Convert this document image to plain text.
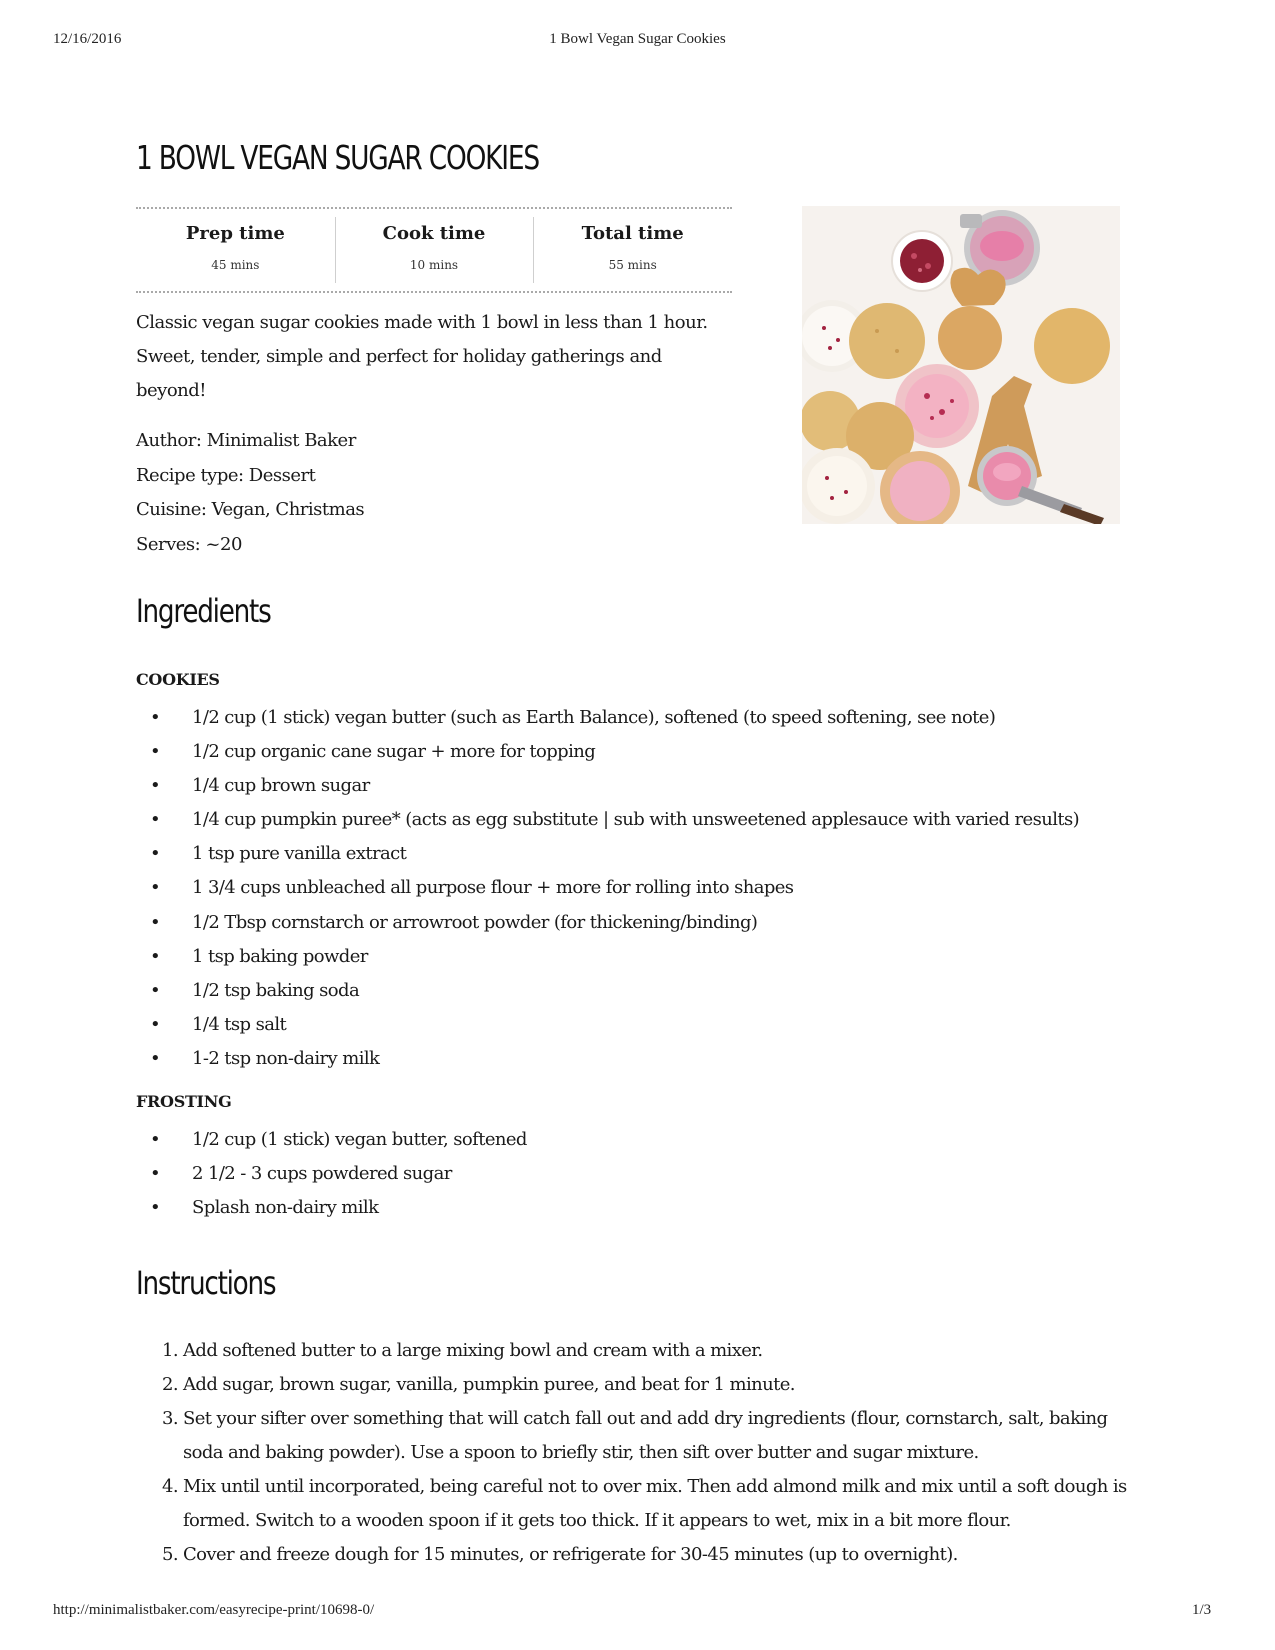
12/16/2016	1 Bowl Vegan Sugar Cookies
1 BOWL VEGAN SUGAR COOKIES
Prep time
45 mins
Cook time
10 mins
Total time
55 mins
Classic vegan sugar cookies made with 1 bowl in less than 1 hour. Sweet, tender, simple and perfect for holiday gatherings and beyond!
Author: Minimalist Baker
Recipe type: Dessert
Cuisine: Vegan, Christmas
Serves: ~20
Ingredients
COOKIES
• 1/2 cup (1 stick) vegan butter (such as Earth Balance), softened (to speed softening, see note)
• 1/2 cup organic cane sugar + more for topping
• 1/4 cup brown sugar
• 1/4 cup pumpkin puree* (acts as egg substitute | sub with unsweetened applesauce with varied results)
• 1 tsp pure vanilla extract
• 1 3/4 cups unbleached all purpose flour + more for rolling into shapes
• 1/2 Tbsp cornstarch or arrowroot powder (for thickening/binding)
• 1 tsp baking powder
• 1/2 tsp baking soda
• 1/4 tsp salt
• 1-2 tsp non-dairy milk
FROSTING
• 1/2 cup (1 stick) vegan butter, softened
• 2 1/2 - 3 cups powdered sugar
• Splash non-dairy milk
Instructions
1. Add softened butter to a large mixing bowl and cream with a mixer.
2. Add sugar, brown sugar, vanilla, pumpkin puree, and beat for 1 minute.
3. Set your sifter over something that will catch fall out and add dry ingredients (flour, cornstarch, salt, baking soda and baking powder). Use a spoon to briefly stir, then sift over butter and sugar mixture.
4. Mix until until incorporated, being careful not to over mix. Then add almond milk and mix until a soft dough is formed. Switch to a wooden spoon if it gets too thick. If it appears to wet, mix in a bit more flour.
5. Cover and freeze dough for 15 minutes, or refrigerate for 30-45 minutes (up to overnight).
http://minimalistbaker.com/easyrecipe-print/10698-0/	1/3
